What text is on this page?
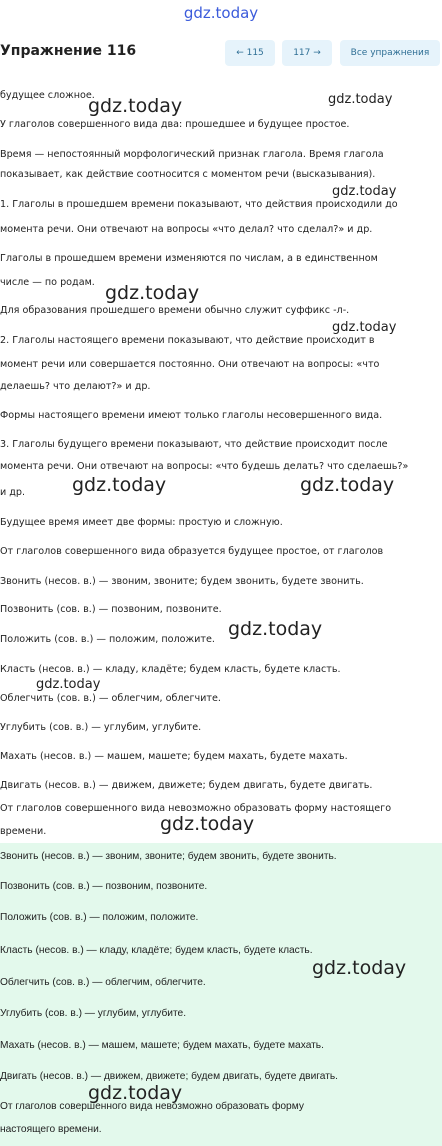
gdz.today
Упражнение 116	← 115	117 →	Все упражнения
будущее сложное.
У глаголов совершенного вида два: прошедшее и будущее простое.
Время — непостоянный морфологический признак глагола. Время глагола
показывает, как действие соотносится с моментом речи (высказывания).
1. Глаголы в прошедшем времени показывают, что действия происходили до
момента речи. Они отвечают на вопросы «что делал? что сделал?» и др.
Глаголы в прошедшем времени изменяются по числам, а в единственном
числе — по родам.
Для образования прошедшего времени обычно служит суффикс -л-.
2. Глаголы настоящего времени показывают, что действие происходит в
момент речи или совершается постоянно. Они отвечают на вопросы: «что
делаешь? что делают?» и др.
Формы настоящего времени имеют только глаголы несовершенного вида.
3. Глаголы будущего времени показывают, что действие происходит после
момента речи. Они отвечают на вопросы: «что будешь делать? что сделаешь?»
и др.
Будущее время имеет две формы: простую и сложную.
От глаголов совершенного вида образуется будущее простое, от глаголов
Звонить (несов. в.) — звоним, звоните; будем звонить, будете звонить.
Позвонить (сов. в.) — позвоним, позвоните.
Положить (сов. в.) — положим, положите.
Класть (несов. в.) — кладу, кладёте; будем класть, будете класть.
Облегчить (сов. в.) — облегчим, облегчите.
Углубить (сов. в.) — углубим, углубите.
Махать (несов. в.) — машем, машете; будем махать, будете махать.
Двигать (несов. в.) — движем, движете; будем двигать, будете двигать.
От глаголов совершенного вида невозможно образовать форму настоящего
времени.
Звонить (несов. в.) — звоним, звоните; будем звонить, будете звонить.
Позвонить (сов. в.) — позвоним, позвоните.
Положить (сов. в.) — положим, положите.
Класть (несов. в.) — кладу, кладёте; будем класть, будете класть.
Облегчить (сов. в.) — облегчим, облегчите.
Углубить (сов. в.) — углубим, углубите.
Махать (несов. в.) — машем, машете; будем махать, будете махать.
Двигать (несов. в.) — движем, движете; будем двигать, будете двигать.
От глаголов совершенного вида невозможно образовать форму
настоящего времени.
gdz.today	gdz.today
gdz.today
gdz.today
gdz.today
gdz.today	gdz.today
gdz.today
gdz.today
gdz.today
gdz.today
gdz.today
